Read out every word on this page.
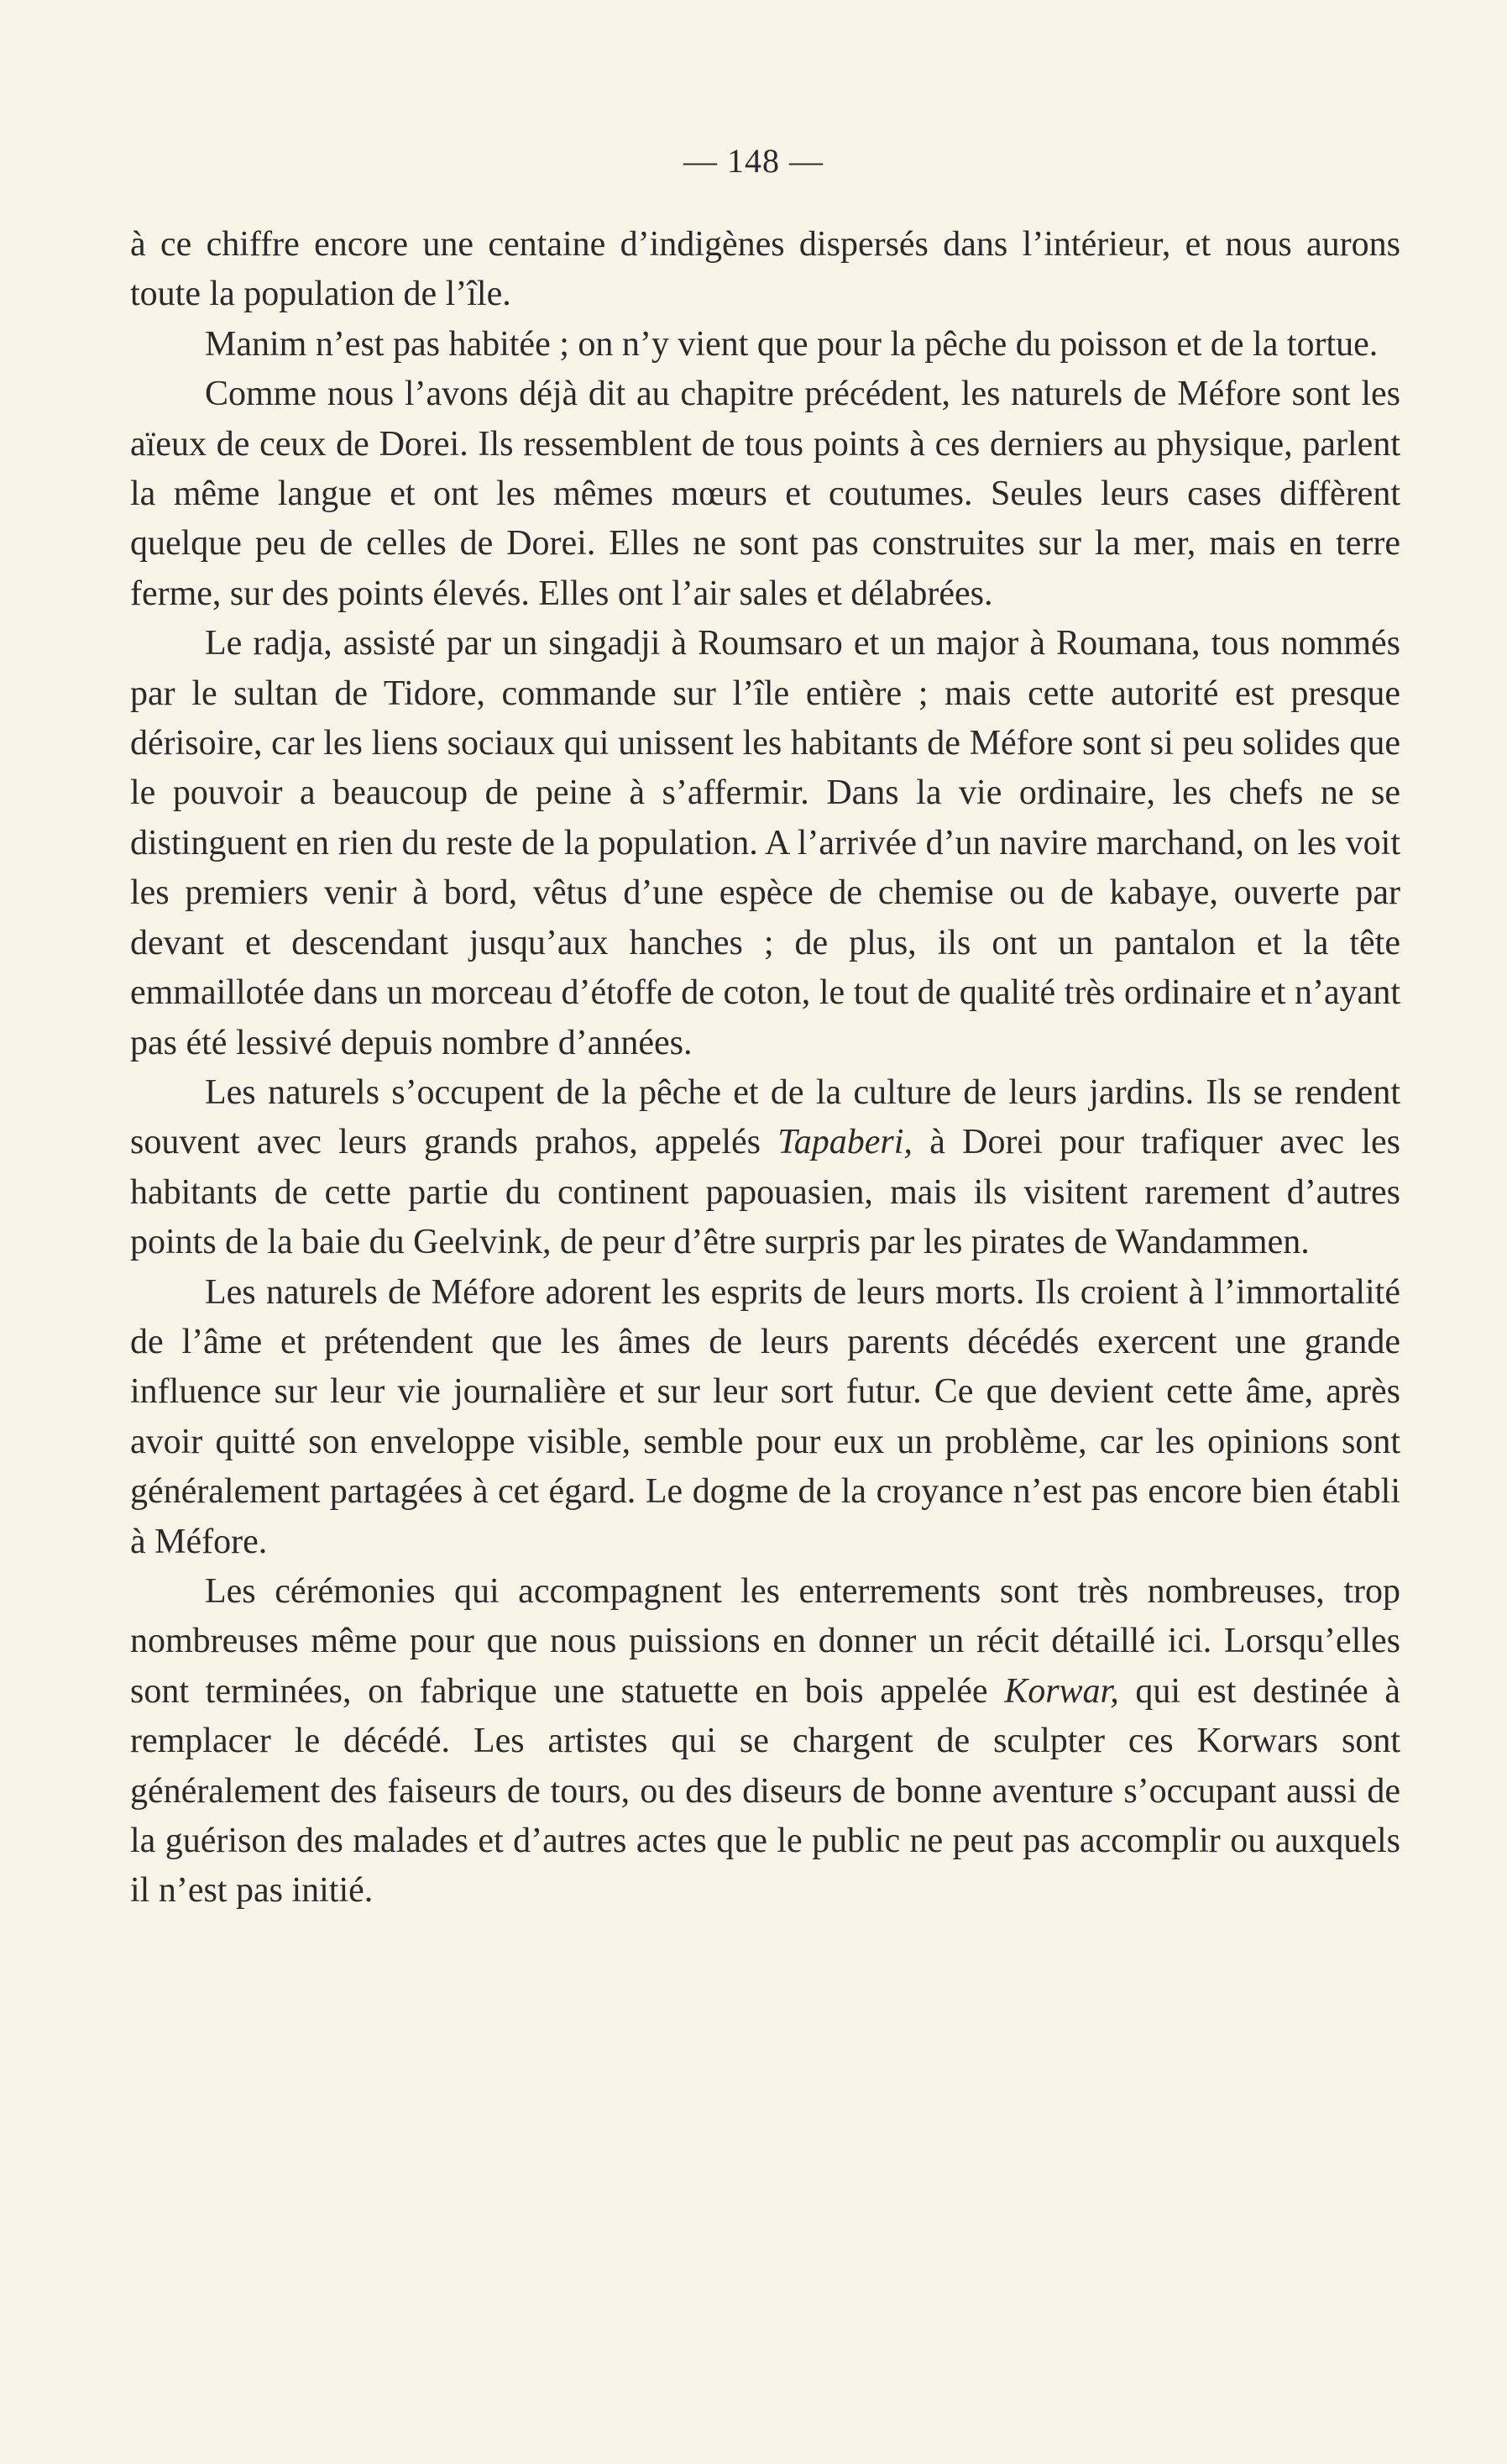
— 148 —

à ce chiffre encore une centaine d’indigènes dispersés dans l’intérieur, et nous aurons toute la population de l’île.

Manim n’est pas habitée ; on n’y vient que pour la pêche du poisson et de la tortue.

Comme nous l’avons déjà dit au chapitre précédent, les naturels de Méfore sont les aïeux de ceux de Dorei. Ils ressemblent de tous points à ces derniers au physique, parlent la même langue et ont les mêmes mœurs et coutumes. Seules leurs cases diffèrent quelque peu de celles de Dorei. Elles ne sont pas construites sur la mer, mais en terre ferme, sur des points élevés. Elles ont l’air sales et délabrées.

Le radja, assisté par un singadji à Roumsaro et un major à Roumana, tous nommés par le sultan de Tidore, commande sur l’île entière ; mais cette autorité est presque dérisoire, car les liens sociaux qui unissent les habitants de Méfore sont si peu solides que le pouvoir a beaucoup de peine à s’affermir. Dans la vie ordinaire, les chefs ne se distinguent en rien du reste de la population. A l’arrivée d’un navire marchand, on les voit les premiers venir à bord, vêtus d’une espèce de chemise ou de kabaye, ouverte par devant et descendant jusqu’aux hanches ; de plus, ils ont un pantalon et la tête emmaillotée dans un morceau d’étoffe de coton, le tout de qualité très ordinaire et n’ayant pas été lessivé depuis nombre d’années.

Les naturels s’occupent de la pêche et de la culture de leurs jardins. Ils se rendent souvent avec leurs grands prahos, appelés Tapaberi, à Dorei pour trafiquer avec les habitants de cette partie du continent papouasien, mais ils visitent rarement d’autres points de la baie du Geelvink, de peur d’être surpris par les pirates de Wandammen.

Les naturels de Méfore adorent les esprits de leurs morts. Ils croient à l’immortalité de l’âme et prétendent que les âmes de leurs parents décédés exercent une grande influence sur leur vie journalière et sur leur sort futur. Ce que devient cette âme, après avoir quitté son enveloppe visible, semble pour eux un problème, car les opinions sont généralement partagées à cet égard. Le dogme de la croyance n’est pas encore bien établi à Méfore.

Les cérémonies qui accompagnent les enterrements sont très nombreuses, trop nombreuses même pour que nous puissions en donner un récit détaillé ici. Lorsqu’elles sont terminées, on fabrique une statuette en bois appelée Korwar, qui est destinée à remplacer le décédé. Les artistes qui se chargent de sculpter ces Korwars sont généralement des faiseurs de tours, ou des diseurs de bonne aventure s’occupant aussi de la guérison des malades et d’autres actes que le public ne peut pas accomplir ou auxquels il n’est pas initié.
